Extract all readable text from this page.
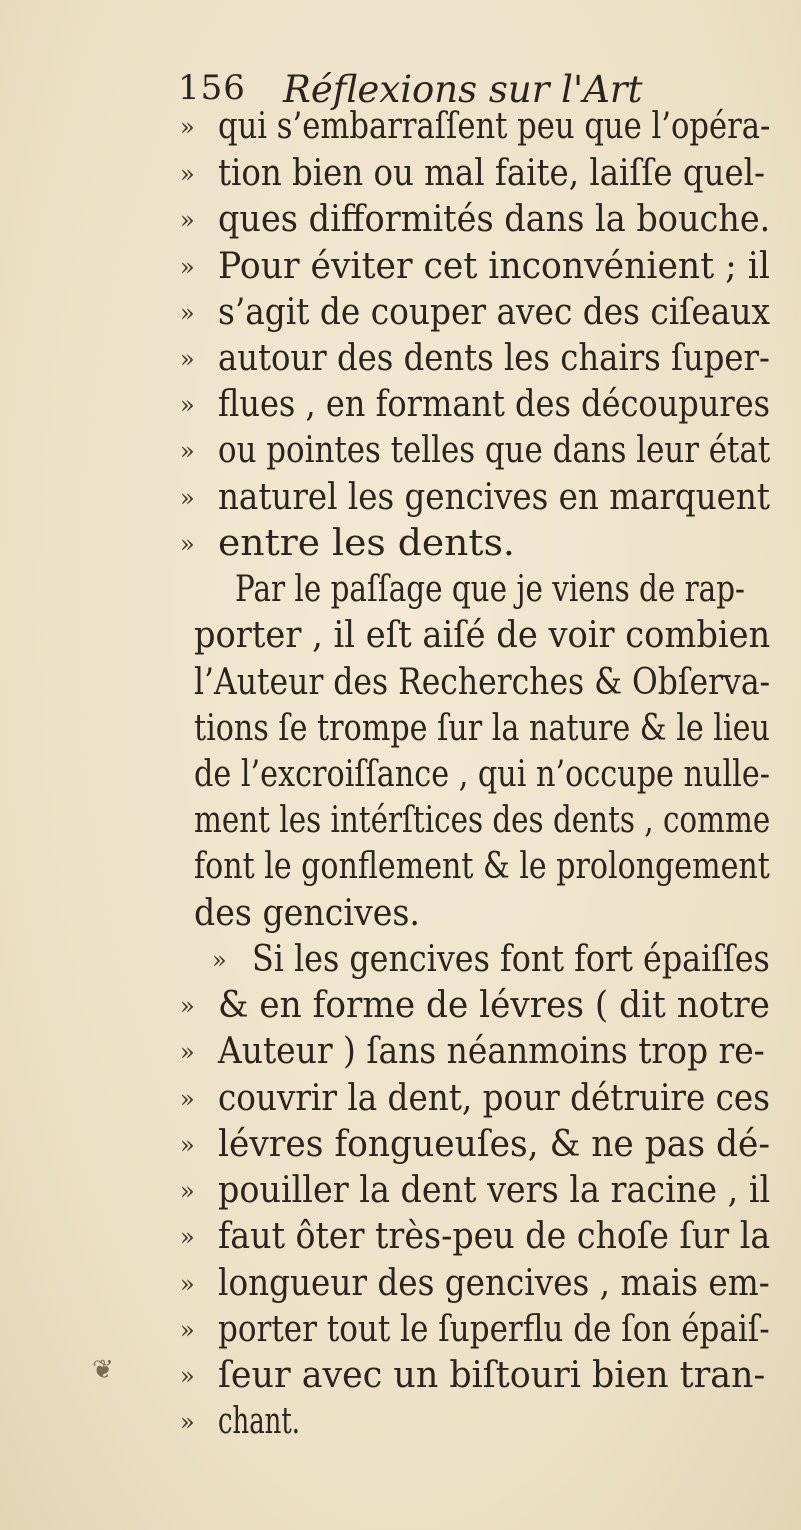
156 Réflexions sur l'Art
» qui s’embarraſſent peu que l’opéra-
» tion bien ou mal faite, laiſſe quel-
» ques difformités dans la bouche.
» Pour éviter cet inconvénient ; il
» s’agit de couper avec des ciſeaux
» autour des dents les chairs ſuper-
» flues , en formant des découpures
» ou pointes telles que dans leur état
» naturel les gencives en marquent
» entre les dents.
Par le paſſage que je viens de rap-
porter , il eſt aiſé de voir combien
l’Auteur des Recherches & Obſerva-
tions ſe trompe ſur la nature & le lieu
de l’excroiſſance , qui n’occupe nulle-
ment les intérſtices des dents , comme
font le gonflement & le prolongement
des gencives.
» Si les gencives font fort épaiſſes
» & en forme de lévres ( dit notre
» Auteur ) ſans néanmoins trop re-
» couvrir la dent, pour détruire ces
» lévres fongueuſes, & ne pas dé-
» pouiller la dent vers la racine , il
» faut ôter très-peu de choſe ſur la
» longueur des gencives , mais em-
» porter tout le ſuperflu de ſon épaiſ-
» ſeur avec un biſtouri bien tran-
» chant.
❦
